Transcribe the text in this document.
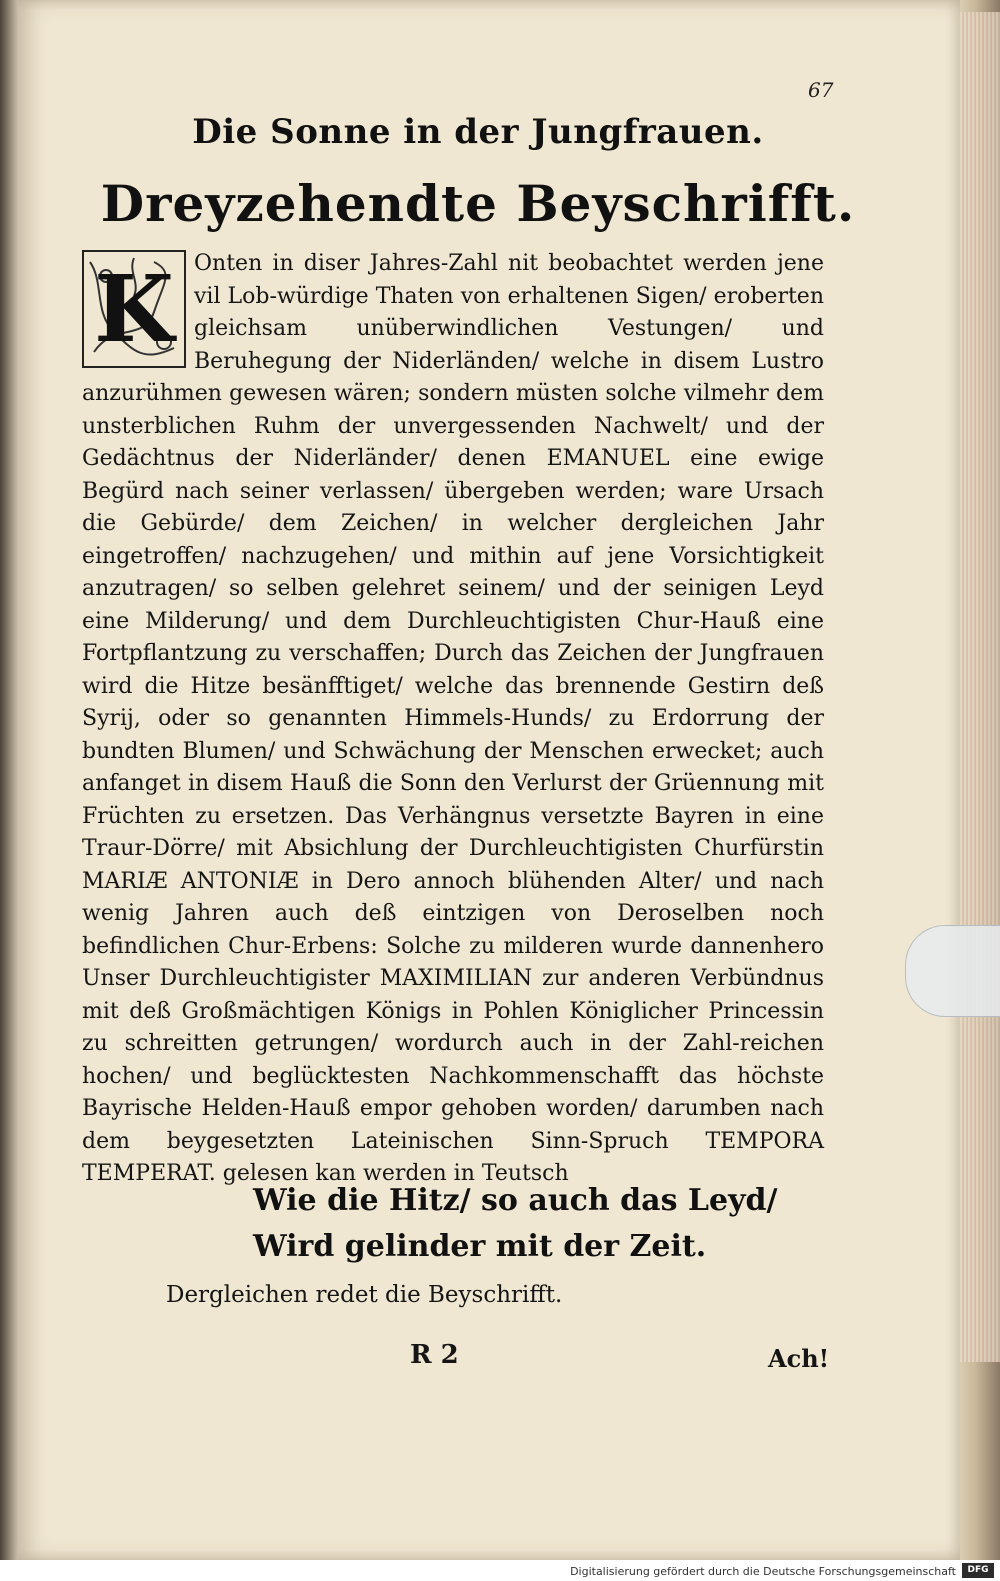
67
Die Sonne in der Jungfrauen.
Dreyzehendte Beyschrifft.
K Onten in diser Jahres-Zahl nit beobachtet werden jene vil Lob-würdige Thaten von erhaltenen Sigen/ eroberten gleichsam unüberwindlichen Vestungen/ und Beruhegung der Niderländen/ welche in disem Lustro anzurühmen gewesen wären; sondern müsten solche vilmehr dem unsterblichen Ruhm der unvergessenden Nachwelt/ und der Gedächtnus der Niderländer/ denen EMANUEL eine ewige Begürd nach seiner verlassen/ übergeben werden; ware Ursach die Gebürde/ dem Zeichen/ in welcher dergleichen Jahr eingetroffen/ nachzugehen/ und mithin auf jene Vorsichtigkeit anzutragen/ so selben gelehret seinem/ und der seinigen Leyd eine Milderung/ und dem Durchleuchtigisten Chur-Hauß eine Fortpflantzung zu verschaffen; Durch das Zeichen der Jungfrauen wird die Hitze besänfftiget/ welche das brennende Gestirn deß Syrij, oder so genannten Himmels-Hunds/ zu Erdorrung der bundten Blumen/ und Schwächung der Menschen erwecket; auch anfanget in disem Hauß die Sonn den Verlurst der Grüennung mit Früchten zu ersetzen. Das Verhängnus versetzte Bayren in eine Traur-Dörre/ mit Absichlung der Durchleuchtigisten Churfürstin MARIÆ ANTONIÆ in Dero annoch blühenden Alter/ und nach wenig Jahren auch deß eintzigen von Deroselben noch befindlichen Chur-Erbens: Solche zu milderen wurde dannenhero Unser Durchleuchtigister MAXIMILIAN zur anderen Verbündnus mit deß Großmächtigen Königs in Pohlen Königlicher Princessin zu schreitten getrungen/ wordurch auch in der Zahl-reichen hochen/ und beglücktesten Nachkommenschafft das höchste Bayrische Helden-Hauß empor gehoben worden/ darumben nach dem beygesetzten Lateinischen Sinn-Spruch TEMPORA TEMPERAT. gelesen kan werden in Teutsch
Wie die Hitz/ so auch das Leyd/
Wird gelinder mit der Zeit.
Dergleichen redet die Beyschrifft.
R 2	Ach!
Digitalisierung gefördert durch die Deutsche Forschungsgemeinschaft	DFG
